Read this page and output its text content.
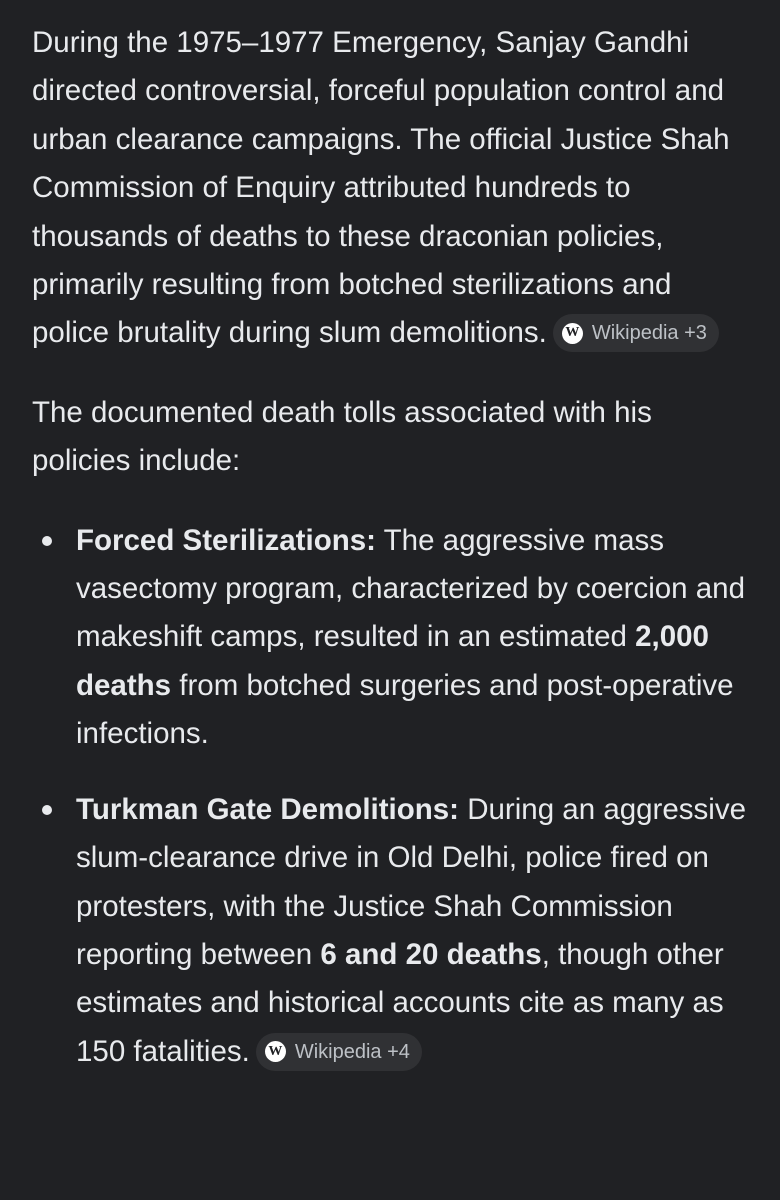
During the 1975–1977 Emergency, Sanjay Gandhi directed controversial, forceful population control and urban clearance campaigns. The official Justice Shah Commission of Enquiry attributed hundreds to thousands of deaths to these draconian policies, primarily resulting from botched sterilizations and police brutality during slum demolitions. W Wikipedia +3

The documented death tolls associated with his policies include:

Forced Sterilizations: The aggressive mass vasectomy program, characterized by coercion and makeshift camps, resulted in an estimated 2,000 deaths from botched surgeries and post-operative infections.
Turkman Gate Demolitions: During an aggressive slum-clearance drive in Old Delhi, police fired on protesters, with the Justice Shah Commission reporting between 6 and 20 deaths, though other estimates and historical accounts cite as many as 150 fatalities. W Wikipedia +4
